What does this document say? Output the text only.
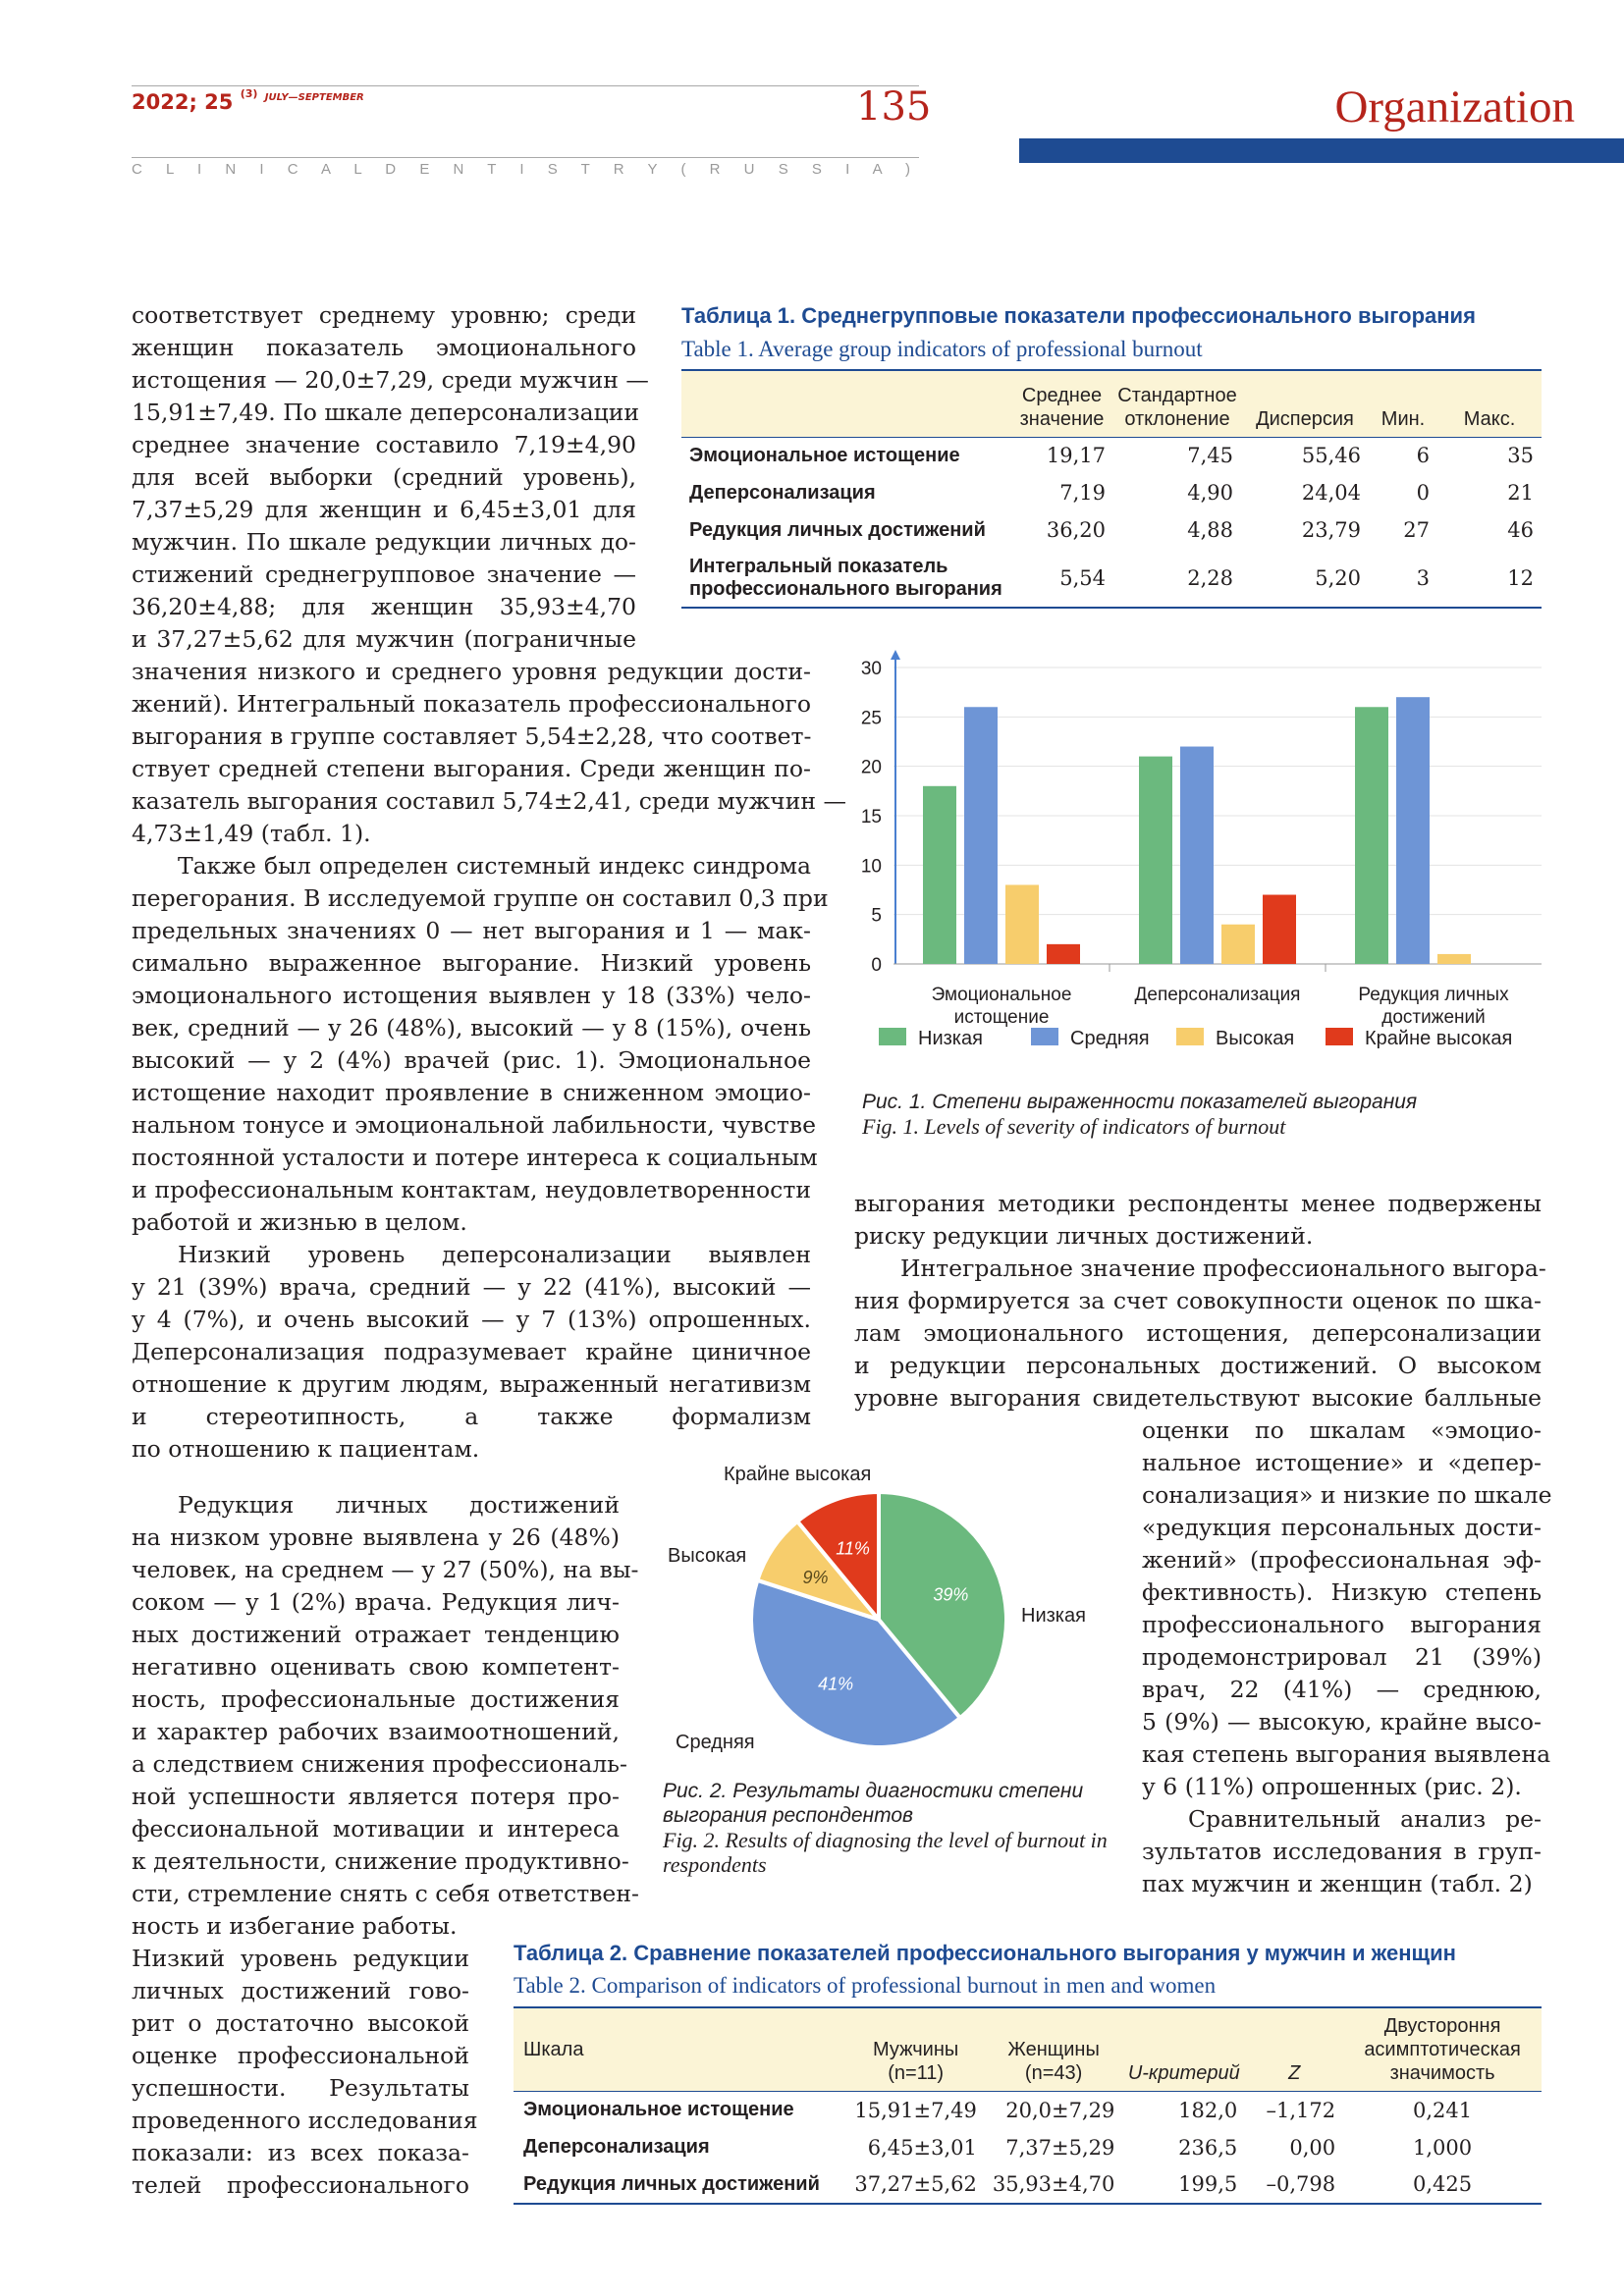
2022; 25 $^{(3)}$ $^{JULY—SEPTEMBER}$	135	Organization
C L I N I C A L D E N T I S T R Y ( R U S S I A )
соответствует среднему уровню; среди
женщин показатель эмоционального
истощения — 20,0±7,29, среди мужчин —
15,91±7,49. По шкале деперсонализации
среднее значение составило 7,19±4,90
для всей выборки (средний уровень),
7,37±5,29 для женщин и 6,45±3,01 для
мужчин. По шкале редукции личных до-
стижений среднегрупповое значение —
36,20±4,88; для женщин 35,93±4,70
и 37,27±5,62 для мужчин (пограничные
значения низкого и среднего уровня редукции дости-
жений). Интегральный показатель профессионального
выгорания в группе составляет 5,54±2,28, что соответ-
ствует средней степени выгорания. Среди женщин по-
казатель выгорания составил 5,74±2,41, среди мужчин —
4,73±1,49 (табл. 1).
Также был определен системный индекс синдрома
перегорания. В исследуемой группе он составил 0,3 при
предельных значениях 0 — нет выгорания и 1 — мак-
симально выраженное выгорание. Низкий уровень
эмоционального истощения выявлен у 18 (33%) чело-
век, средний — у 26 (48%), высокий — у 8 (15%), очень
высокий — у 2 (4%) врачей (рис. 1). Эмоциональное
истощение находит проявление в сниженном эмоцио-
нальном тонусе и эмоциональной лабильности, чувстве
постоянной усталости и потере интереса к социальным
и профессиональным контактам, неудовлетворенности
работой и жизнью в целом.
Низкий уровень деперсонализации выявлен
у 21 (39%) врача, средний — у 22 (41%), высокий —
у 4 (7%), и очень высокий — у 7 (13%) опрошенных.
Деперсонализация подразумевает крайне циничное
отношение к другим людям, выраженный негативизм
и стереотипность, а также формализм
по отношению к пациентам.
Редукция личных достижений
на низком уровне выявлена у 26 (48%)
человек, на среднем — у 27 (50%), на вы-
соком — у 1 (2%) врача. Редукция лич-
ных достижений отражает тенденцию
негативно оценивать свою компетент-
ность, профессиональные достижения
и характер рабочих взаимоотношений,
а следствием снижения профессиональ-
ной успешности является потеря про-
фессиональной мотивации и интереса
к деятельности, снижение продуктивно-
сти, стремление снять с себя ответствен-
ность и избегание работы.
Низкий уровень редукции
личных достижений гово-
рит о достаточно высокой
оценке профессиональной
успешности. Результаты
проведенного исследования
показали: из всех показа-
телей профессионального
выгорания методики респонденты менее подвержены
риску редукции личных достижений.
Интегральное значение профессионального выгора-
ния формируется за счет совокупности оценок по шка-
лам эмоционального истощения, деперсонализации
и редукции персональных достижений. О высоком
уровне выгорания свидетельствуют высокие балльные
оценки по шкалам «эмоцио-
нальное истощение» и «депер-
сонализация» и низкие по шкале
«редукция персональных дости-
жений» (профессиональная эф-
фективность). Низкую степень
профессионального выгорания
продемонстрировал 21 (39%)
врач, 22 (41%) — среднюю,
5 (9%) — высокую, крайне высо-
кая степень выгорания выявлена
у 6 (11%) опрошенных (рис. 2).
Сравнительный анализ ре-
зультатов исследования в груп-
пах мужчин и женщин (табл. 2)
Таблица 1. Среднегрупповые показатели профессионального выгорания
Table 1. Average group indicators of professional burnout
	Среднее значение	Стандартное отклонение	Дисперсия	Мин.	Макс.
Эмоциональное истощение	19,17	7,45	55,46	6	35
Деперсонализация	7,19	4,90	24,04	0	21
Редукция личных достижений	36,20	4,88	23,79	27	46
Интегральный показатель профессионального выгорания	5,54	2,28	5,20	3	12
0
5
10
15
20
25
30
Эмоциональное
истощение
Деперсонализация	Редукция личных
достижений
Низкая	Средняя	Высокая	Крайне высокая
Рис. 1. Степени выраженности показателей выгорания
Fig. 1. Levels of severity of indicators of burnout
39%
Низкая
41%
Средняя
9%
Высокая	11%
Крайне высокая
Рис. 2. Результаты диагностики степени выгорания респондентов
Fig. 2. Results of diagnosing the level of burnout in respondents
Таблица 2. Сравнение показателей профессионального выгорания у мужчин и женщин
Table 2. Comparison of indicators of professional burnout in men and women
Шкала	Мужчины (n=11)	Женщины (n=43)	U-критерий	Z	Двустороння асимптотическая значимость
Эмоциональное истощение	15,91±7,49	20,0±7,29	182,0	–1,172	0,241
Деперсонализация	6,45±3,01	7,37±5,29	236,5	0,00	1,000
Редукция личных достижений	37,27±5,62	35,93±4,70	199,5	–0,798	0,425
